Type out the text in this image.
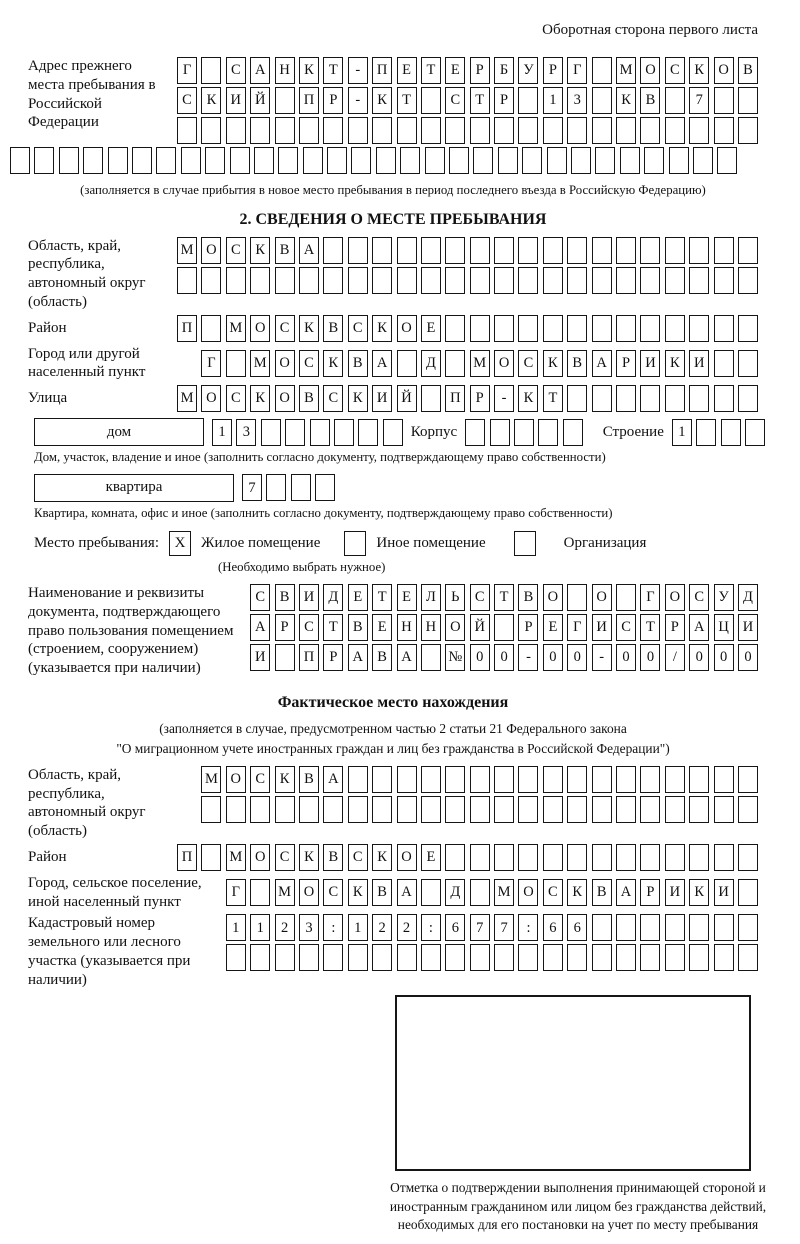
Оборотная сторона первого листа
Адрес прежнего места пребывания в Российской Федерации
Г	С А Н К	Т	-	П	Е	Т	Е	Р	Б	У	Р	Г	М О С	К О В
С	К И Й	П	Р	-	К	Т	С	Т	Р	1	3	К	В	7
(заполняется в случае прибытия в новое место пребывания в период последнего въезда в Российскую Федерацию)
2. СВЕДЕНИЯ О МЕСТЕ ПРЕБЫВАНИЯ
Область, край, республика, автономный округ (область)
М О С	К	В А
Район	П	М О С	К	В	С	К О	Е
Город или другой населенный пункт
Г	М О С	К	В А	Д	М О С	К	В А	Р	И К И
Улица	М О С	К О В	С	К И Й	П	Р	-	К	Т
дом	1	3	Корпус	Строение 1
Дом, участок, владение и иное (заполнить согласно документу, подтверждающему право собственности)
квартира	7
Квартира, комната, офис и иное (заполнить согласно документу, подтверждающему право собственности)
Место пребывания:	X	Жилое помещение	Иное помещение	Организация
(Необходимо выбрать нужное)
Наименование и реквизиты документа, подтверждающего право пользования помещением (строением, сооружением) (указывается при наличии)
С	В И Д	Е	Т	Е	Л	Ь	С	Т	В О	О	Г	О С У Д
А	Р	С	Т	В	Е	Н Н О Й	Р	Е	Г	И С	Т	Р	А Ц И
И	П	Р	А В А	№ 0	0	-	0	0	-	0	0	/	0	0	0
Фактическое место нахождения
(заполняется в случае, предусмотренном частью 2 статьи 21 Федерального закона
"О миграционном учете иностранных граждан и лиц без гражданства в Российской Федерации")
Область, край, республика, автономный округ (область)
М О С	К	В А
Район	П	М О С	К	В	С	К О	Е
Город, сельское поселение, иной населенный пункт
Г	М О С	К	В А	Д	М О С	К	В А	Р	И К И
Кадастровый номер земельного или лесного участка (указывается при наличии)
1	1	2	3	:	1	2	2	:	6	7	7	:	6	6
Отметка о подтверждении выполнения принимающей стороной и иностранным гражданином или лицом без гражданства действий, необходимых для его постановки на учет по месту пребывания
